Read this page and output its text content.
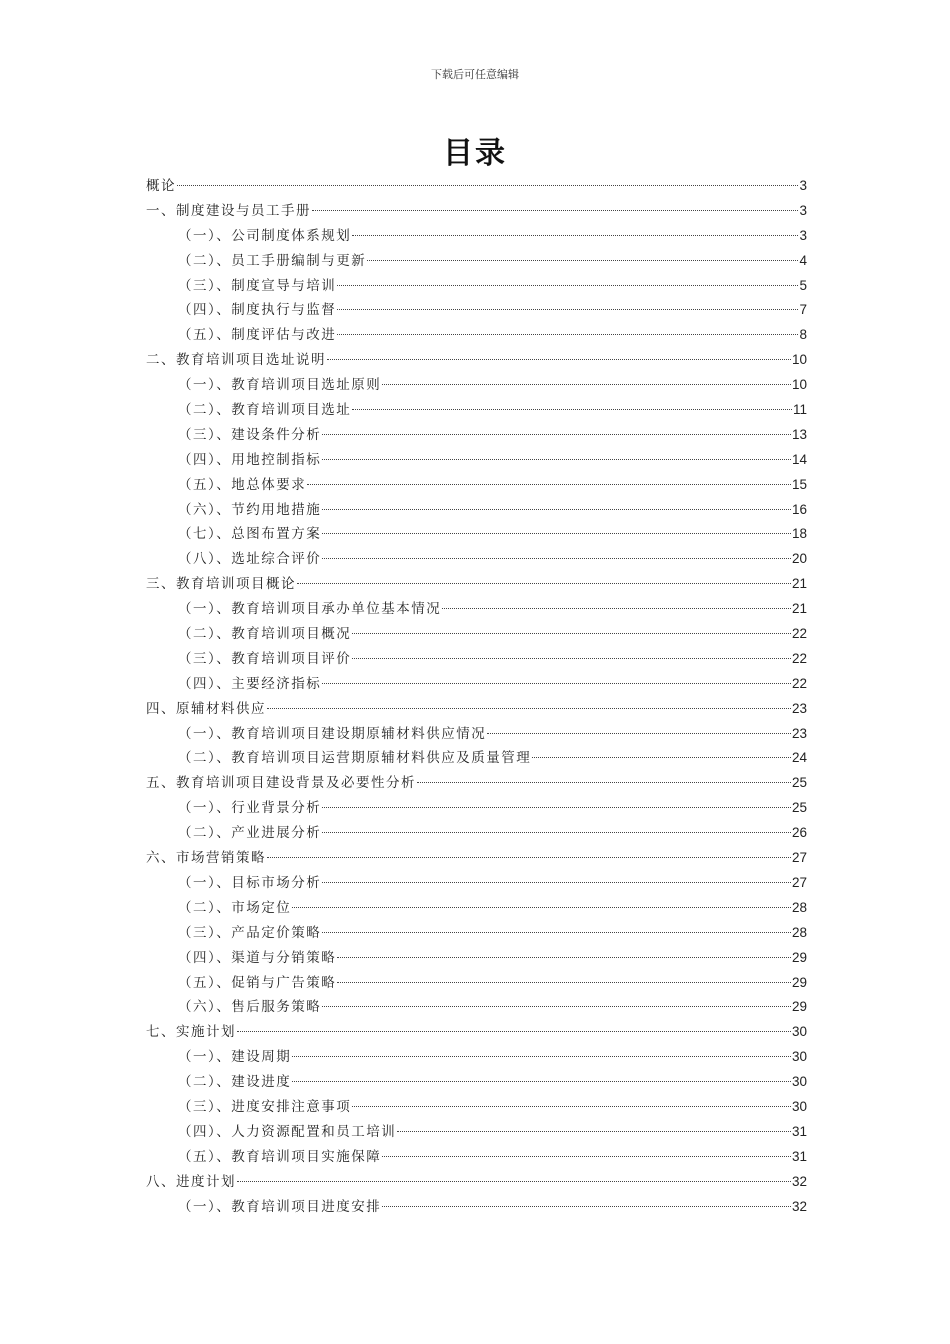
下载后可任意编辑
目录
概论	3
一、制度建设与员工手册	3
（一）、公司制度体系规划	3
（二）、员工手册编制与更新	4
（三）、制度宣导与培训	5
（四）、制度执行与监督	7
（五）、制度评估与改进	8
二、教育培训项目选址说明	10
（一）、教育培训项目选址原则	10
（二）、教育培训项目选址	11
（三）、建设条件分析	13
（四）、用地控制指标	14
（五）、地总体要求	15
（六）、节约用地措施	16
（七）、总图布置方案	18
（八）、选址综合评价	20
三、教育培训项目概论	21
（一）、教育培训项目承办单位基本情况	21
（二）、教育培训项目概况	22
（三）、教育培训项目评价	22
（四）、主要经济指标	22
四、原辅材料供应	23
（一）、教育培训项目建设期原辅材料供应情况	23
（二）、教育培训项目运营期原辅材料供应及质量管理	24
五、教育培训项目建设背景及必要性分析	25
（一）、行业背景分析	25
（二）、产业进展分析	26
六、市场营销策略	27
（一）、目标市场分析	27
（二）、市场定位	28
（三）、产品定价策略	28
（四）、渠道与分销策略	29
（五）、促销与广告策略	29
（六）、售后服务策略	29
七、实施计划	30
（一）、建设周期	30
（二）、建设进度	30
（三）、进度安排注意事项	30
（四）、人力资源配置和员工培训	31
（五）、教育培训项目实施保障	31
八、进度计划	32
（一）、教育培训项目进度安排	32
